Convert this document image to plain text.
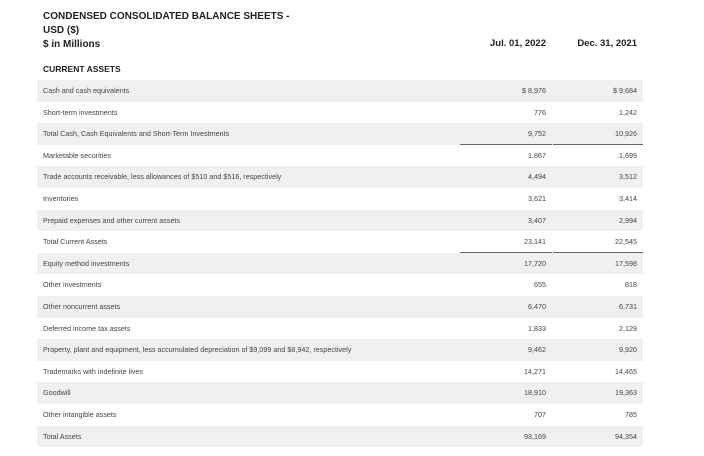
CONDENSED CONSOLIDATED BALANCE SHEETS -
USD ($)
$ in Millions	Jul. 01, 2022	Dec. 31, 2021
CURRENT ASSETS
Cash and cash equivalents	$ 8,976	$ 9,684
Short-term investments	776	1,242
Total Cash, Cash Equivalents and Short-Term Investments	9,752	10,926
Marketable securities	1,867	1,699
Trade accounts receivable, less allowances of $510 and $516, respectively	4,494	3,512
Inventories	3,621	3,414
Prepaid expenses and other current assets	3,407	2,994
Total Current Assets	23,141	22,545
Equity method investments	17,720	17,598
Other investments	655	818
Other noncurrent assets	6,470	6,731
Deferred income tax assets	1,833	2,129
Property, plant and equipment, less accumulated depreciation of $9,099 and $8,942, respectively	9,462	9,920
Trademarks with indefinite lives	14,271	14,465
Goodwill	18,910	19,363
Other intangible assets	707	785
Total Assets	93,169	94,354
